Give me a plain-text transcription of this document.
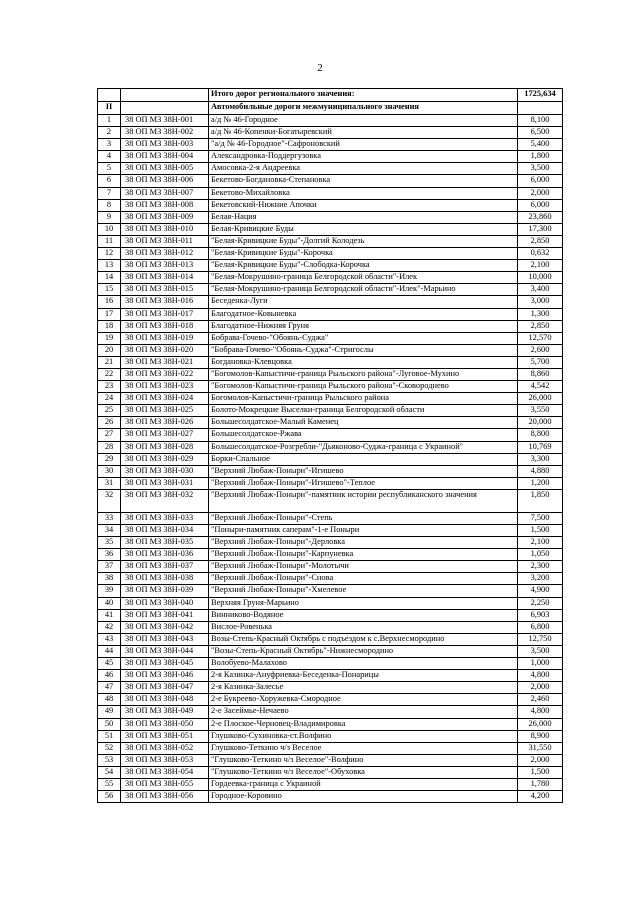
2
		Итого дорог регионального значения:	1725,634
II		Автомобильные дороги межмуниципального значения	
1	38 ОП МЗ 38Н-001	а/д № 46-Городное	8,100
2	38 ОП МЗ 38Н-002	а/д № 46-Копенки-Богатыревский	6,500
3	38 ОП МЗ 38Н-003	"а/д № 46-Городное"-Сафроновский	5,400
4	38 ОП МЗ 38Н-004	Александровка-Поддергузовка	1,800
5	38 ОП МЗ 38Н-005	Амосовка-2-я Андреевка	3,500
6	38 ОП МЗ 38Н-006	Бекетово-Богдановка-Степановка	6,000
7	38 ОП МЗ 38Н-007	Бекетово-Михайловка	2,000
8	38 ОП МЗ 38Н-008	Бекетовский-Нижние Апочки	6,000
9	38 ОП МЗ 38Н-009	Белая-Нация	23,860
10	38 ОП МЗ 38Н-010	Белая-Кривицкие Буды	17,300
11	38 ОП МЗ 38Н-011	"Белая-Кривицкие Буды"-Долгий Колодезь	2,850
12	38 ОП МЗ 38Н-012	"Белая-Кривицкие Буды"-Корочка	0,632
13	38 ОП МЗ 38Н-013	"Белая-Кривицкие Буды"-Слободка-Корочка	2,100
14	38 ОП МЗ 38Н-014	"Белая-Мокрушино-граница Белгородской области"-Илек	10,000
15	38 ОП МЗ 38Н-015	"Белая-Мокрушино-граница Белгородской области"-Илек"-Марьино	3,400
16	38 ОП МЗ 38Н-016	Беседенка-Луги	3,000
17	38 ОП МЗ 38Н-017	Благодатное-Ковыневка	1,300
18	38 ОП МЗ 38Н-018	Благодатное-Нижняя Груня	2,850
19	38 ОП МЗ 38Н-019	Бобрава-Гочево-"Обоянь-Суджа"	12,570
20	38 ОП МЗ 38Н-020	"Бобрава-Гочево-"Обоянь-Суджа"-Стригослы	2,600
21	38 ОП МЗ 38Н-021	Богдановка-Клевцовка	5,700
22	38 ОП МЗ 38Н-022	"Богомолов-Капыстичи-граница Рыльского района"-Луговое-Мухино	8,860
23	38 ОП МЗ 38Н-023	"Богомолов-Капыстичи-граница Рыльского района"-Сковороднево	4,542
24	38 ОП МЗ 38Н-024	Богомолов-Капыстичи-граница Рыльского района	26,000
25	38 ОП МЗ 38Н-025	Болото-Мокрецкие Выселки-граница Белгородской области	3,550
26	38 ОП МЗ 38Н-026	Большесолдатское-Малый Каменец	20,000
27	38 ОП МЗ 38Н-027	Большесолдатское-Ржава	8,800
28	38 ОП МЗ 38Н-028	Большесолдатское-Розгребли-"Дьяконово-Суджа-граница с Украиной"	10,769
29	38 ОП МЗ 38Н-029	Борки-Спальное	3,300
30	38 ОП МЗ 38Н-030	"Верхний Любаж-Поныри"-Игишево	4,880
31	38 ОП МЗ 38Н-031	"Верхний Любаж-Поныри"-Игишево"-Теплое	1,200
32	38 ОП МЗ 38Н-032	"Верхний Любаж-Поныри"-памятник истории республиканского значения	1,850
33	38 ОП МЗ 38Н-033	"Верхний Любаж-Поныри"-Степь	7,500
34	38 ОП МЗ 38Н-034	"Поныри-памятник саперам"-1-е Поныри	1,500
35	38 ОП МЗ 38Н-035	"Верхний Любаж-Поныри"-Дерловка	2,100
36	38 ОП МЗ 38Н-036	"Верхний Любаж-Поныри"-Карпуневка	1,050
37	38 ОП МЗ 38Н-037	"Верхний Любаж-Поныри"-Молотычи	2,300
38	38 ОП МЗ 38Н-038	"Верхний Любаж-Поныри"-Снова	3,200
39	38 ОП МЗ 38Н-039	"Верхний Любаж-Поныри"-Хмелевое	4,900
40	38 ОП МЗ 38Н-040	Верхняя Груня-Марьино	2,250
41	38 ОП МЗ 38Н-041	Винниково-Водяное	6,903
42	38 ОП МЗ 38Н-042	Вислое-Ровенька	6,800
43	38 ОП МЗ 38Н-043	Возы-Степь-Красный Октябрь с подъездом к с.Верхнесмородино	12,750
44	38 ОП МЗ 38Н-044	"Возы-Степь-Красный Октябрь"-Нижнесмородино	3,500
45	38 ОП МЗ 38Н-045	Волобуево-Малахово	1,000
46	38 ОП МЗ 38Н-046	2-я Казинка-Ануфриевка-Беседенка-Понарицы	4,800
47	38 ОП МЗ 38Н-047	2-я Казинка-Залесье	2,000
48	38 ОП МЗ 38Н-048	2-е Букреево-Хоружевка-Смородное	2,460
49	38 ОП МЗ 38Н-049	2-е Засеймье-Нечаево	4,800
50	38 ОП МЗ 38Н-050	2-е Плоское-Черновец-Владимировка	26,000
51	38 ОП МЗ 38Н-051	Глушково-Сухиновка-ст.Волфино	8,900
52	38 ОП МЗ 38Н-052	Глушково-Теткино ч/з Веселое	31,550
53	38 ОП МЗ 38Н-053	"Глушково-Теткино ч/з Веселое"-Волфино	2,000
54	38 ОП МЗ 38Н-054	"Глушково-Теткино ч/з Веселое"-Обуховка	1,500
55	38 ОП МЗ 38Н-055	Гордеевка-граница с Украиной	1,780
56	38 ОП МЗ 38Н-056	Городное-Коровино	4,200
